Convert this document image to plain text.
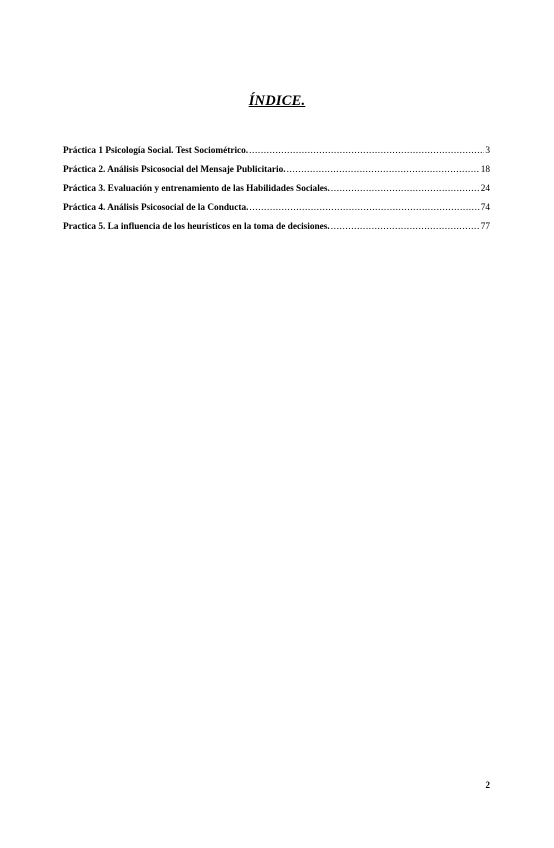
ÍNDICE.
Práctica 1 Psicología Social. Test Sociométrico. .....	3
Práctica 2. Análisis Psicosocial del Mensaje Publicitario. .....	18
Práctica 3. Evaluación y entrenamiento de las Habilidades Sociales. .....	24
Práctica 4. Análisis Psicosocial de la Conducta. .....	74
Practica 5. La influencia de los heurísticos en la toma de decisiones. .....	77
2
